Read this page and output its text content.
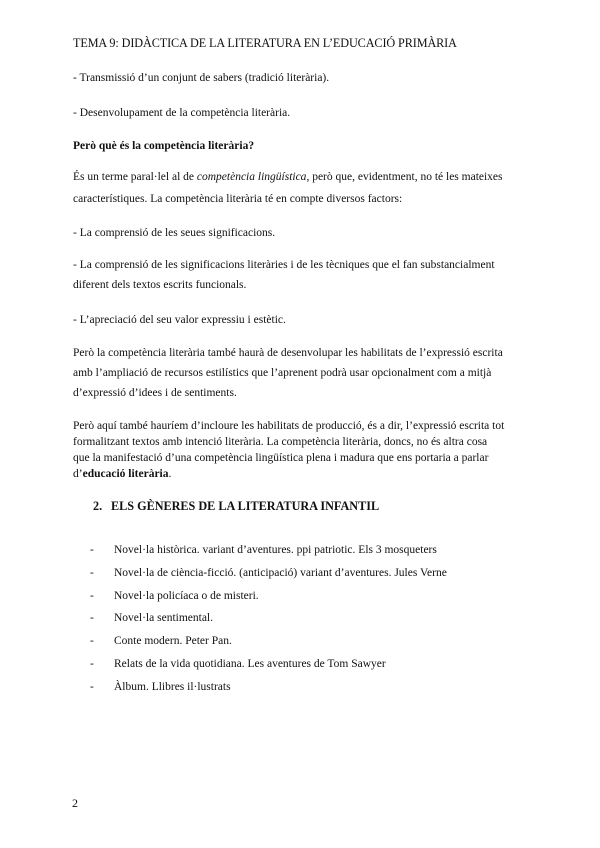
TEMA 9: DIDÀCTICA DE LA LITERATURA EN L’EDUCACIÓ PRIMÀRIA
- Transmissió d’un conjunt de sabers (tradició literària).
- Desenvolupament de la competència literària.
Però què és la competència literària?
És un terme paral·lel al de competència lingüística, però que, evidentment, no té les mateixes
característiques. La competència literària té en compte diversos factors:
- La comprensió de les seues significacions.
- La comprensió de les significacions literàries i de les tècniques que el fan substancialment
diferent dels textos escrits funcionals.
- L’apreciació del seu valor expressiu i estètic.
Però la competència literària també haurà de desenvolupar les habilitats de l’expressió escrita
amb l’ampliació de recursos estilístics que l’aprenent podrà usar opcionalment com a mitjà
d’expressió d’idees i de sentiments.
Però aquí també hauríem d’incloure les habilitats de producció, és a dir, l’expressió escrita tot
formalitzant textos amb intenció literària. La competència literària, doncs, no és altra cosa
que la manifestació d’una competència lingüística plena i madura que ens portaria a parlar
d’educació literària.
2. ELS GÈNERES DE LA LITERATURA INFANTIL
- Novel·la històrica. variant d’aventures. ppi patriotic. Els 3 mosqueters
- Novel·la de ciència-ficció. (anticipació) variant d’aventures. Jules Verne
- Novel·la policíaca o de misteri.
- Novel·la sentimental.
- Conte modern. Peter Pan.
- Relats de la vida quotidiana. Les aventures de Tom Sawyer
- Àlbum. Llibres il·lustrats
2
